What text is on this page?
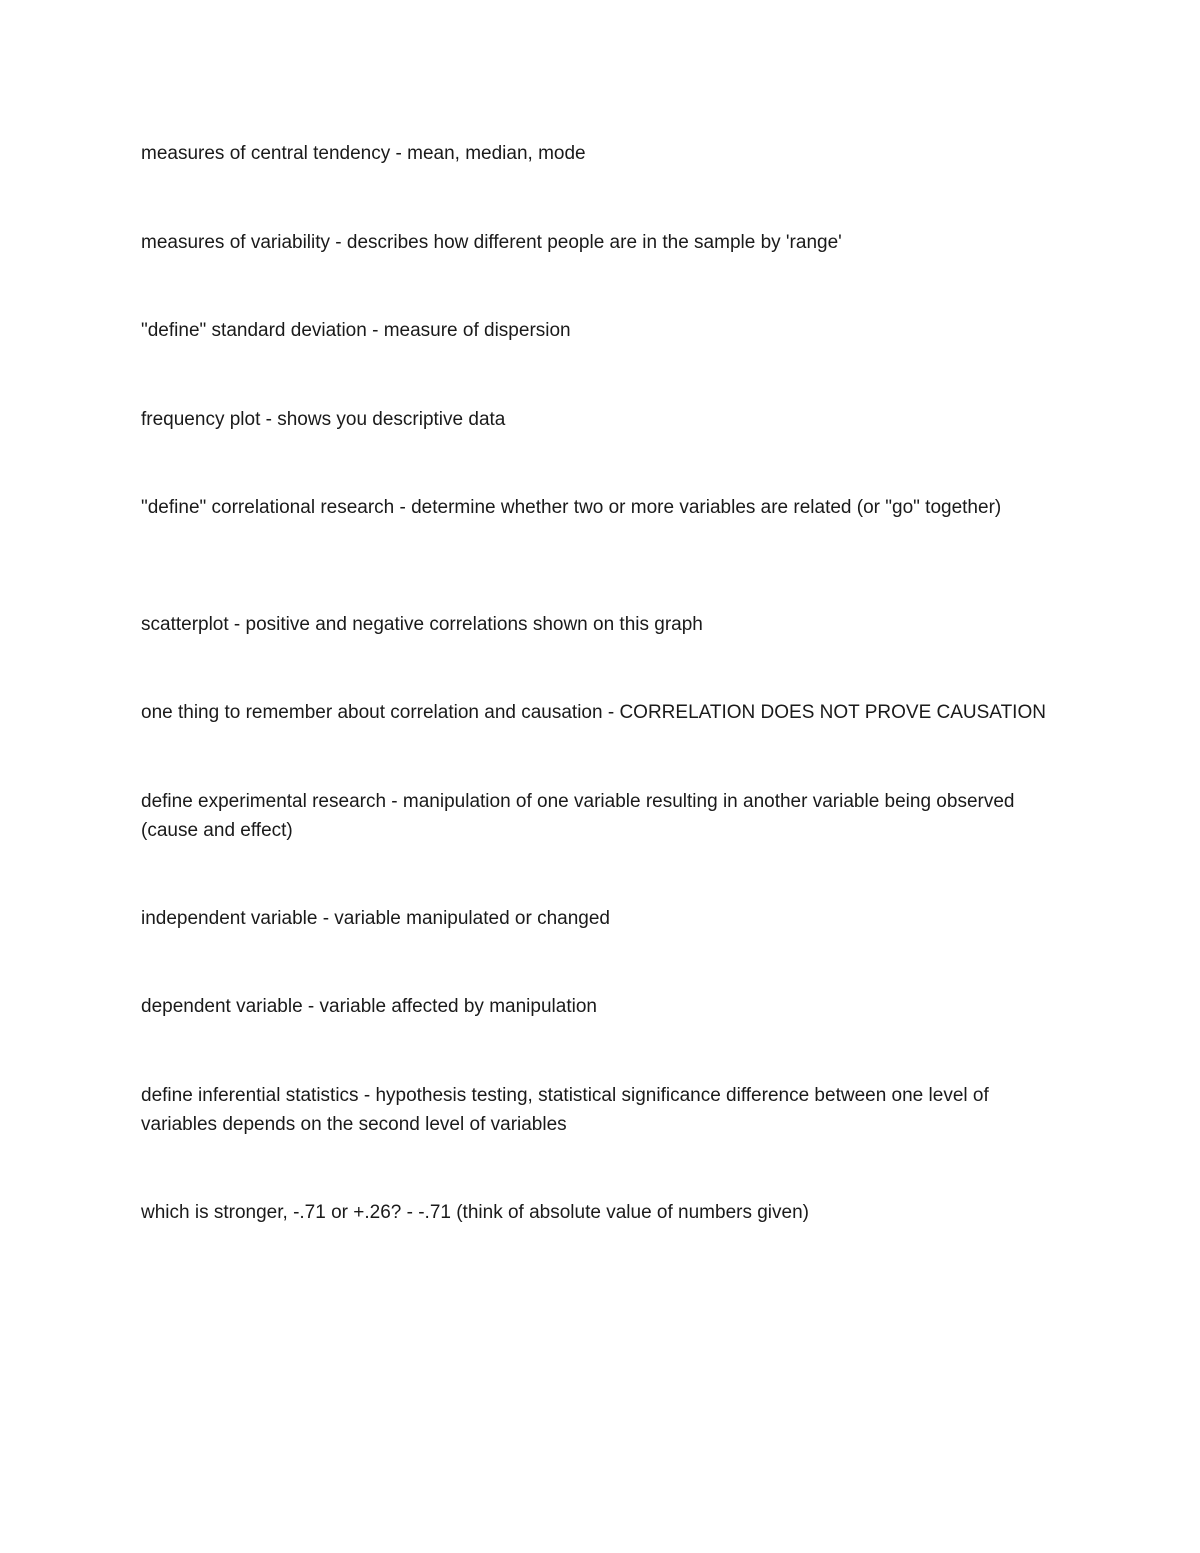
measures of central tendency - mean, median, mode

measures of variability - describes how different people are in the sample by 'range'

"define" standard deviation - measure of dispersion

frequency plot - shows you descriptive data

"define" correlational research - determine whether two or more variables are related (or "go" together)

scatterplot - positive and negative correlations shown on this graph

one thing to remember about correlation and causation - CORRELATION DOES NOT PROVE CAUSATION

define experimental research - manipulation of one variable resulting in another variable being observed (cause and effect)

independent variable - variable manipulated or changed

dependent variable - variable affected by manipulation

define inferential statistics - hypothesis testing, statistical significance difference between one level of variables depends on the second level of variables

which is stronger, -.71 or +.26? - -.71 (think of absolute value of numbers given)
